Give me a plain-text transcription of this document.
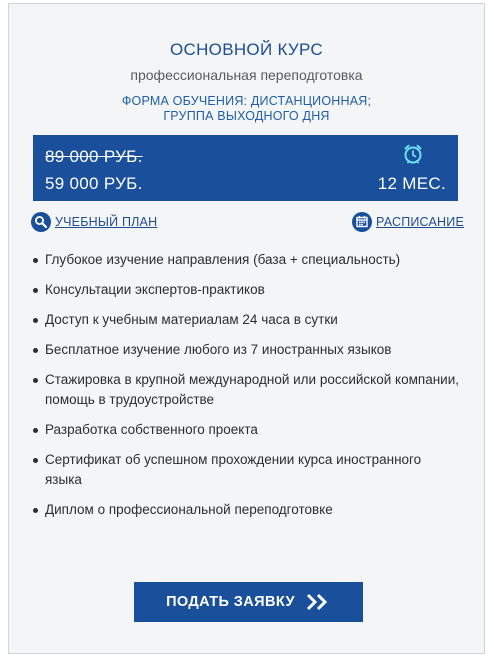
ОСНОВНОЙ КУРС
профессиональная переподготовка
ФОРМА ОБУЧЕНИЯ: ДИСТАНЦИОННАЯ;
ГРУППА ВЫХОДНОГО ДНЯ
89 000 РУБ.
59 000 РУБ.	12 МЕС.
УЧЕБНЫЙ ПЛАН	РАСПИСАНИЕ
Глубокое изучение направления (база + специальность)
Консультации экспертов-практиков
Доступ к учебным материалам 24 часа в сутки
Бесплатное изучение любого из 7 иностранных языков
Стажировка в крупной международной или российской компании, помощь в трудоустройстве
Разработка собственного проекта
Сертификат об успешном прохождении курса иностранного языка
Диплом о профессиональной переподготовке
ПОДАТЬ ЗАЯВКУ
